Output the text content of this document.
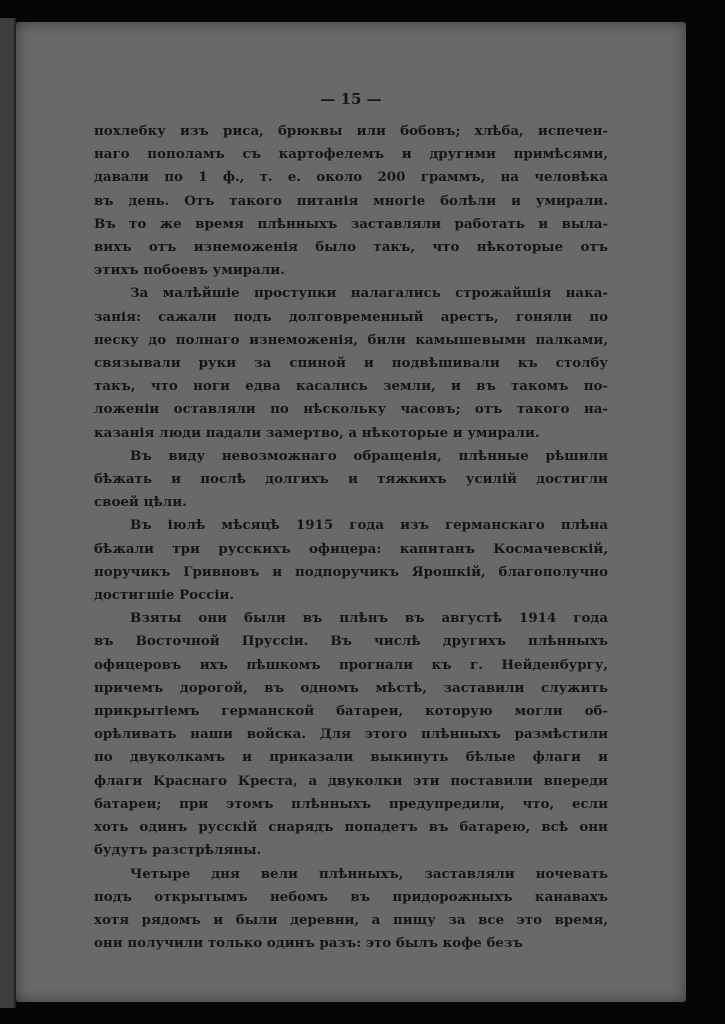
— 15 —
похлебку изъ риса, брюквы или бобовъ; хлѣба, испечен-
наго пополамъ съ картофелемъ и другими примѣсями,
давали по 1 ф., т. е. около 200 граммъ, на человѣка
въ день. Отъ такого питанія многіе болѣли и умирали.
Въ то же время плѣнныхъ заставляли работать и выла-
вихъ отъ изнеможенія было такъ, что нѣкоторые отъ
этихъ побоевъ умирали.
За малѣйшіе проступки налагались строжайшія нака-
занія: сажали подъ долговременный арестъ, гоняли по
песку до полнаго изнеможенія, били камышевыми палками,
связывали руки за спиной и подвѣшивали къ столбу
такъ, что ноги едва касались земли, и въ такомъ по-
ложеніи оставляли по нѣскольку часовъ; отъ такого на-
казанія люди падали замертво, а нѣкоторые и умирали.
Въ виду невозможнаго обращенія, плѣнные рѣшили
бѣжать и послѣ долгихъ и тяжкихъ усилій достигли
своей цѣли.
Въ іюлѣ мѣсяцѣ 1915 года изъ германскаго плѣна
бѣжали три русскихъ офицера: капитанъ Космачевскій,
поручикъ Гривновъ и подпоручикъ Ярошкій, благополучно
достигшіе Россіи.
Взяты они были въ плѣнъ въ августѣ 1914 года
въ Восточной Пруссіи. Въ числѣ другихъ плѣнныхъ
офицеровъ ихъ пѣшкомъ прогнали къ г. Нейденбургу,
причемъ дорогой, въ одномъ мѣстѣ, заставили служить
прикрытіемъ германской батареи, которую могли об-
орѣливать наши войска. Для этого плѣнныхъ размѣстили
по двуколкамъ и приказали выкинуть бѣлые флаги и
флаги Краснаго Креста, а двуколки эти поставили впереди
батареи; при этомъ плѣнныхъ предупредили, что, если
хоть одинъ русскій снарядъ попадетъ въ батарею, всѣ они
будутъ разстрѣляны.
Четыре дня вели плѣнныхъ, заставляли ночевать
подъ открытымъ небомъ въ придорожныхъ канавахъ
хотя рядомъ и были деревни, а пищу за все это время,
они получили только одинъ разъ: это былъ кофе безъ
